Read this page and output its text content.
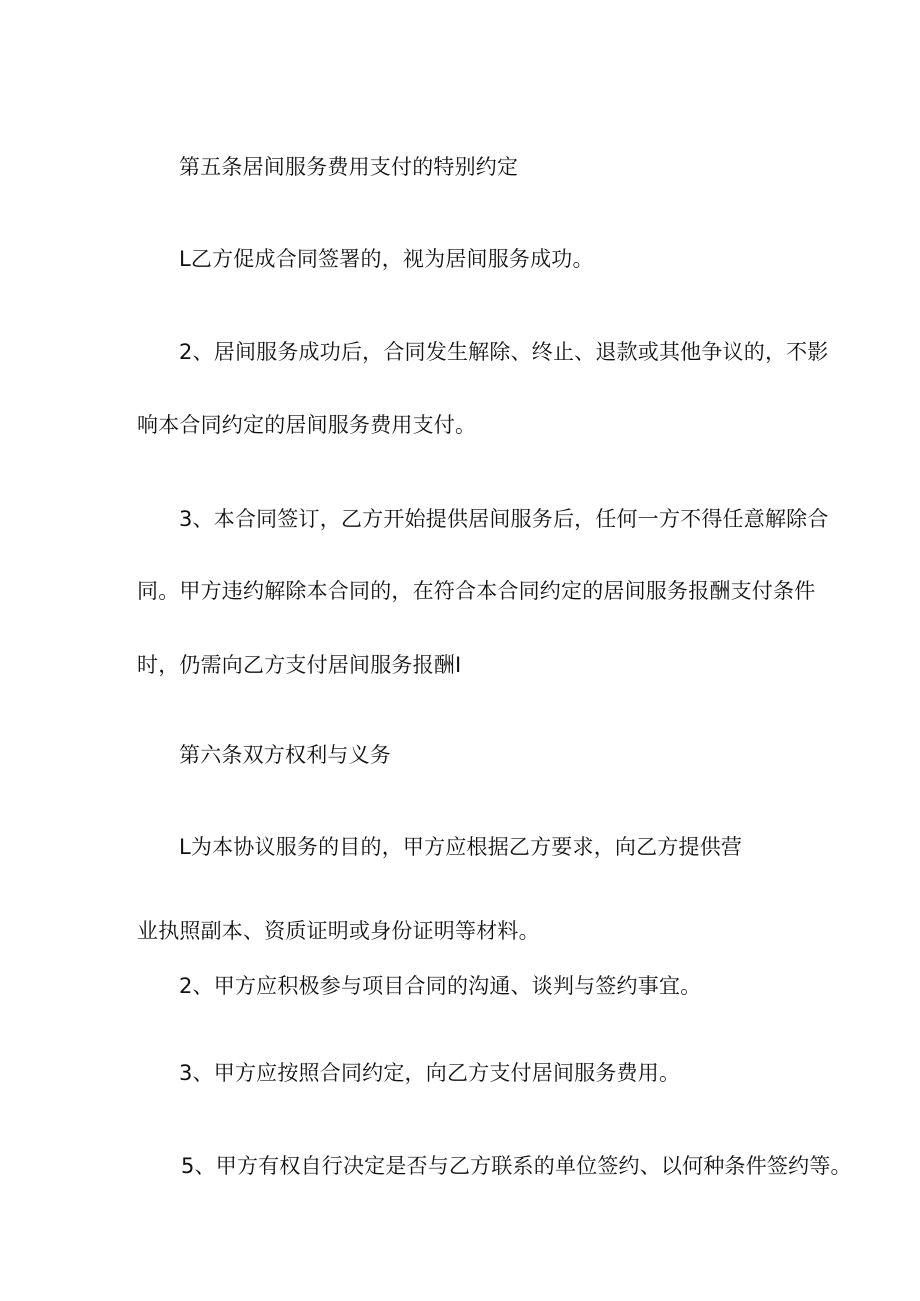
第五条居间服务费用支付的特别约定
L乙方促成合同签署的，视为居间服务成功。
2、居间服务成功后，合同发生解除、终止、退款或其他争议的，不影
响本合同约定的居间服务费用支付。
3、本合同签订，乙方开始提供居间服务后，任何一方不得任意解除合
同。甲方违约解除本合同的，在符合本合同约定的居间服务报酬支付条件
时，仍需向乙方支付居间服务报酬I
第六条双方权利与义务
L为本协议服务的目的，甲方应根据乙方要求，向乙方提供营
业执照副本、资质证明或身份证明等材料。
2、甲方应积极参与项目合同的沟通、谈判与签约事宜。
3、甲方应按照合同约定，向乙方支付居间服务费用。
5、甲方有权自行决定是否与乙方联系的单位签约、以何种条件签约等。
